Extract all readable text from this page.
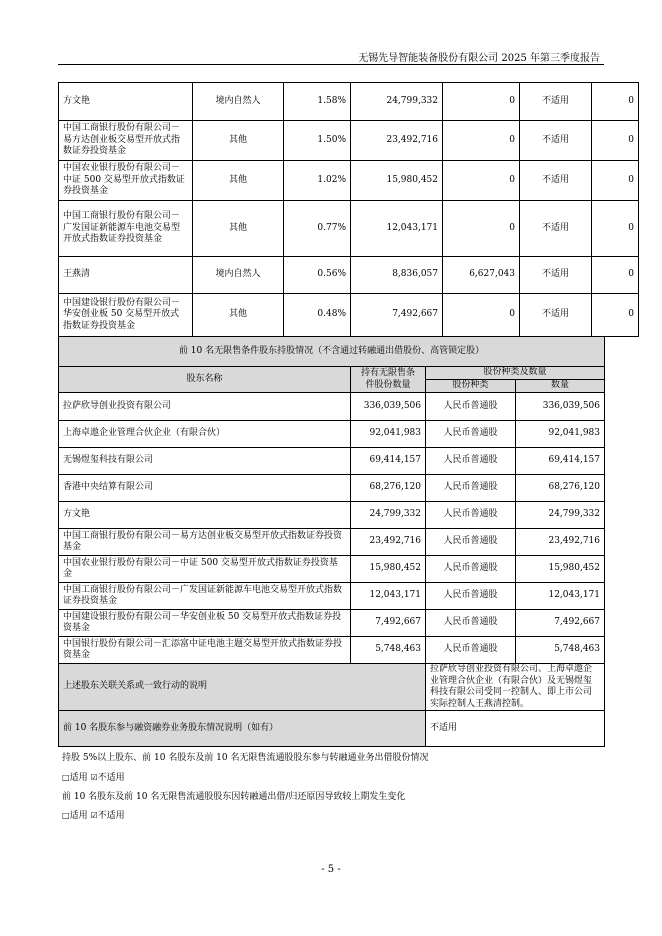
无锡先导智能装备股份有限公司 2025 年第三季度报告
方文艳	境内自然人	1.58%	24,799,332	0	不适用	0
中国工商银行股份有限公司－易方达创业板交易型开放式指数证券投资基金	其他	1.50%	23,492,716	0	不适用	0
中国农业银行股份有限公司－中证 500 交易型开放式指数证券投资基金	其他	1.02%	15,980,452	0	不适用	0
中国工商银行股份有限公司－广发国证新能源车电池交易型开放式指数证券投资基金	其他	0.77%	12,043,171	0	不适用	0
王燕清	境内自然人	0.56%	8,836,057	6,627,043	不适用	0
中国建设银行股份有限公司－华安创业板 50 交易型开放式指数证券投资基金	其他	0.48%	7,492,667	0	不适用	0
前 10 名无限售条件股东持股情况（不含通过转融通出借股份、高管锁定股）			
股东名称	持有无限售条件股份数量	股份种类及数量	
		股份种类	数量
拉萨欣导创业投资有限公司	336,039,506	人民币普通股	336,039,506
上海卓遨企业管理合伙企业（有限合伙）	92,041,983	人民币普通股	92,041,983
无锡煜玺科技有限公司	69,414,157	人民币普通股	69,414,157
香港中央结算有限公司	68,276,120	人民币普通股	68,276,120
方文艳	24,799,332	人民币普通股	24,799,332
中国工商银行股份有限公司－易方达创业板交易型开放式指数证券投资基金	23,492,716	人民币普通股	23,492,716
中国农业银行股份有限公司－中证 500 交易型开放式指数证券投资基金	15,980,452	人民币普通股	15,980,452
中国工商银行股份有限公司－广发国证新能源车电池交易型开放式指数证券投资基金	12,043,171	人民币普通股	12,043,171
中国建设银行股份有限公司－华安创业板 50 交易型开放式指数证券投资基金	7,492,667	人民币普通股	7,492,667
中国银行股份有限公司－汇添富中证电池主题交易型开放式指数证券投资基金	5,748,463	人民币普通股	5,748,463
上述股东关联关系或一致行动的说明		拉萨欣导创业投资有限公司、上海卓遨企业管理合伙企业（有限合伙）及无锡煜玺科技有限公司受同一控制人、即上市公司实际控制人王燕清控制。	
前 10 名股东参与融资融券业务股东情况说明（如有）		不适用	
持股 5%以上股东、前 10 名股东及前 10 名无限售流通股股东参与转融通业务出借股份情况
□适用 ☑不适用
前 10 名股东及前 10 名无限售流通股股东因转融通出借/归还原因导致较上期发生变化
□适用 ☑不适用
- 5 -
